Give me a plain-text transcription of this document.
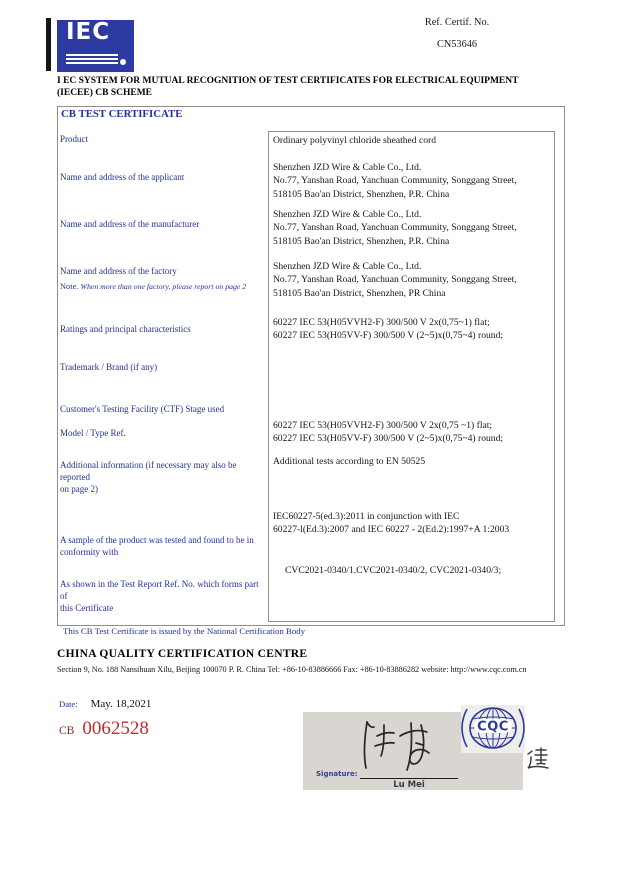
IEC	Ref. Certif. No.
CN53646
I EC SYSTEM FOR MUTUAL RECOGNITION OF TEST CERTIFICATES FOR ELECTRICAL EQUIPMENT
(IECEE) CB SCHEME
CB TEST CERTIFICATE
Product
Name and address of the applicant
Name and address of the manufacturer
Name and address of the factory
Note. When more than one factory, please report on page 2
Ratings and principal characteristics
Trademark / Brand (if any)
Customer's Testing Facility (CTF) Stage used
Model / Type Ref.
Additional information (if necessary may also be reported
on page 2)
A sample of the product was tested and found to be in
conformity with
As shown in the Test Report Ref. No. which forms part of
this Certificate
Ordinary polyvinyl chloride sheathed cord
Shenzhen JZD Wire & Cable Co., Ltd.
No.77, Yanshan Road, Yanchuan Community, Songgang Street,
518105 Bao'an District, Shenzhen, P.R. China
Shenzhen JZD Wire & Cable Co., Ltd.
No.77, Yanshan Road, Yanchuan Community, Songgang Street,
518105 Bao'an District, Shenzhen, P.R. China
Shenzhen JZD Wire & Cable Co., Ltd.
No.77, Yanshan Road, Yanchuan Community, Songgang Street,
518105 Bao'an District, Shenzhen, PR China
60227 IEC 53(H05VVH2-F) 300/500 V 2x(0,75~1) flat;
60227 IEC 53(H05VV-F) 300/500 V (2~5)x(0,75~4) round;
60227 IEC 53(H05VVH2-F) 300/500 V 2x(0,75 ~1) flat;
60227 IEC 53(H05VV-F) 300/500 V (2~5)x(0,75~4) round;
Additional tests according to EN 50525
IEC60227-5(ed.3):2011 in conjunction with IEC
60227-l(Ed.3):2007 and IEC 60227 - 2(Ed.2):1997+A 1:2003
CVC2021-0340/1.CVC2021-0340/2, CVC2021-0340/3;
This CB Test Certificate is issued by the National Certification Body
CHINA QUALITY CERTIFICATION CENTRE
Section 9, No. 188 Nansihuan Xilu, Beijing 100070 P. R. China Tel: +86-10-83886666 Fax: +86-10-83886282 website: http://www.cqc.com.cn
Date: May. 18,2021
CB 0062528
Signature:
Lu Mei
CQC
